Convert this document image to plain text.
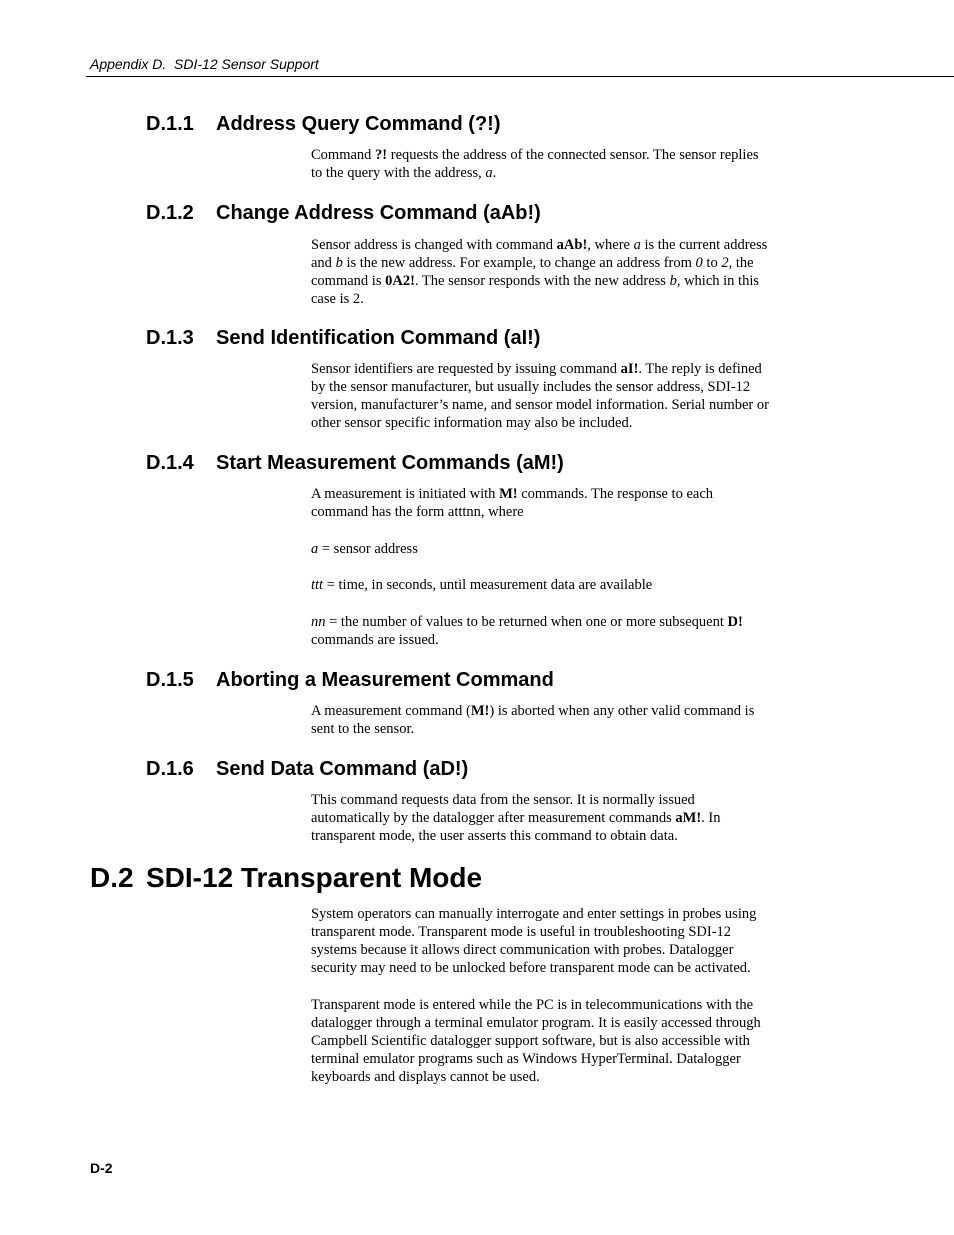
Appendix D.  SDI-12 Sensor Support
D.1.1 Address Query Command (?!)

Command ?! requests the address of the connected sensor. The sensor replies
to the query with the address, a.

D.1.2 Change Address Command (aAb!)

Sensor address is changed with command aAb!, where a is the current address
and b is the new address. For example, to change an address from 0 to 2, the
command is 0A2!. The sensor responds with the new address b, which in this
case is 2.

D.1.3 Send Identification Command (aI!)

Sensor identifiers are requested by issuing command aI!. The reply is defined
by the sensor manufacturer, but usually includes the sensor address, SDI-12
version, manufacturer’s name, and sensor model information. Serial number or
other sensor specific information may also be included.

D.1.4 Start Measurement Commands (aM!)

A measurement is initiated with M! commands. The response to each
command has the form atttnn, where

a = sensor address

ttt = time, in seconds, until measurement data are available

nn = the number of values to be returned when one or more subsequent D!
commands are issued.

D.1.5 Aborting a Measurement Command

A measurement command (M!) is aborted when any other valid command is
sent to the sensor.

D.1.6 Send Data Command (aD!)

This command requests data from the sensor. It is normally issued
automatically by the datalogger after measurement commands aM!. In
transparent mode, the user asserts this command to obtain data.

D.2 SDI-12 Transparent Mode

System operators can manually interrogate and enter settings in probes using
transparent mode. Transparent mode is useful in troubleshooting SDI-12
systems because it allows direct communication with probes. Datalogger
security may need to be unlocked before transparent mode can be activated.

Transparent mode is entered while the PC is in telecommunications with the
datalogger through a terminal emulator program. It is easily accessed through
Campbell Scientific datalogger support software, but is also accessible with
terminal emulator programs such as Windows HyperTerminal. Datalogger
keyboards and displays cannot be used.

D-2
